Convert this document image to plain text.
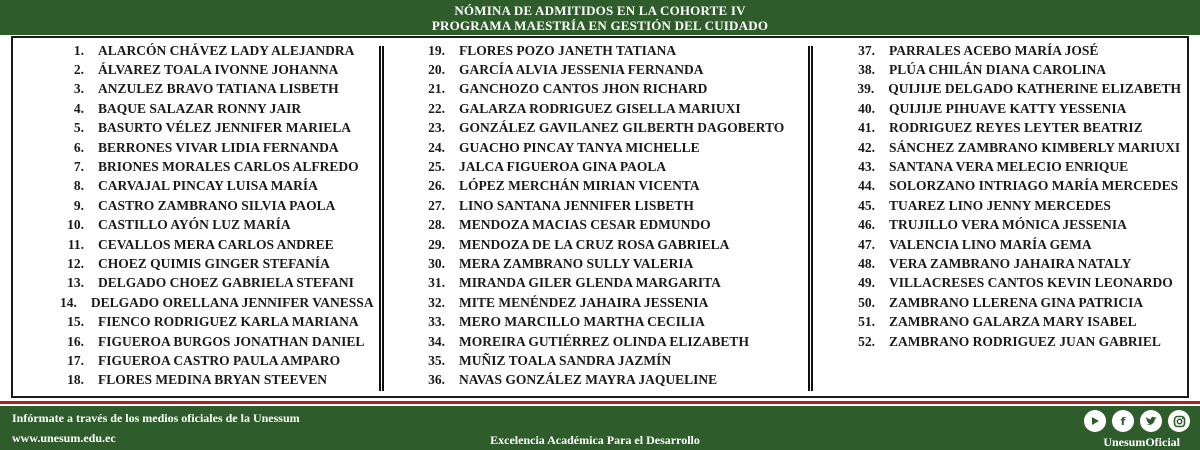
NÓMINA DE ADMITIDOS EN LA COHORTE IV
PROGRAMA MAESTRÍA EN GESTIÓN DEL CUIDADO
1. ALARCÓN CHÁVEZ LADY ALEJANDRA
2. ÁLVAREZ TOALA IVONNE JOHANNA
3. ANZULEZ BRAVO TATIANA LISBETH
4. BAQUE SALAZAR RONNY JAIR
5. BASURTO VÉLEZ JENNIFER MARIELA
6. BERRONES VIVAR LIDIA FERNANDA
7. BRIONES MORALES CARLOS ALFREDO
8. CARVAJAL PINCAY LUISA MARÍA
9. CASTRO ZAMBRANO SILVIA PAOLA
10. CASTILLO AYÓN LUZ MARÍA
11. CEVALLOS MERA CARLOS ANDREE
12. CHOEZ QUIMIS GINGER STEFANÍA
13. DELGADO CHOEZ GABRIELA STEFANI
14. DELGADO ORELLANA JENNIFER VANESSA
15. FIENCO RODRIGUEZ KARLA MARIANA
16. FIGUEROA BURGOS JONATHAN DANIEL
17. FIGUEROA CASTRO PAULA AMPARO
18. FLORES MEDINA BRYAN STEEVEN
19. FLORES POZO JANETH TATIANA
20. GARCÍA ALVIA JESSENIA FERNANDA
21. GANCHOZO CANTOS JHON RICHARD
22. GALARZA RODRIGUEZ GISELLA MARIUXI
23. GONZÁLEZ GAVILANEZ GILBERTH DAGOBERTO
24. GUACHO PINCAY TANYA MICHELLE
25. JALCA FIGUEROA GINA PAOLA
26. LÓPEZ MERCHÁN MIRIAN VICENTA
27. LINO SANTANA JENNIFER LISBETH
28. MENDOZA MACIAS CESAR EDMUNDO
29. MENDOZA DE LA CRUZ ROSA GABRIELA
30. MERA ZAMBRANO SULLY VALERIA
31. MIRANDA GILER GLENDA MARGARITA
32. MITE MENÉNDEZ JAHAIRA JESSENIA
33. MERO MARCILLO MARTHA CECILIA
34. MOREIRA GUTIÉRREZ OLINDA ELIZABETH
35. MUÑIZ TOALA SANDRA JAZMÍN
36. NAVAS GONZÁLEZ MAYRA JAQUELINE
37. PARRALES ACEBO MARÍA JOSÉ
38. PLÚA CHILÁN DIANA CAROLINA
39. QUIJIJE DELGADO KATHERINE ELIZABETH
40. QUIJIJE PIHUAVE KATTY YESSENIA
41. RODRIGUEZ REYES LEYTER BEATRIZ
42. SÁNCHEZ ZAMBRANO KIMBERLY MARIUXI
43. SANTANA VERA MELECIO ENRIQUE
44. SOLORZANO INTRIAGO MARÍA MERCEDES
45. TUAREZ LINO JENNY MERCEDES
46. TRUJILLO VERA MÓNICA JESSENIA
47. VALENCIA LINO MARÍA GEMA
48. VERA ZAMBRANO JAHAIRA NATALY
49. VILLACRESES CANTOS KEVIN LEONARDO
50. ZAMBRANO LLERENA GINA PATRICIA
51. ZAMBRANO GALARZA MARY ISABEL
52. ZAMBRANO RODRIGUEZ JUAN GABRIEL
Infórmate a través de los medios oficiales de la Unessum
www.unesum.edu.ec	Excelencia Académica Para el Desarrollo
f
UnesumOficial
